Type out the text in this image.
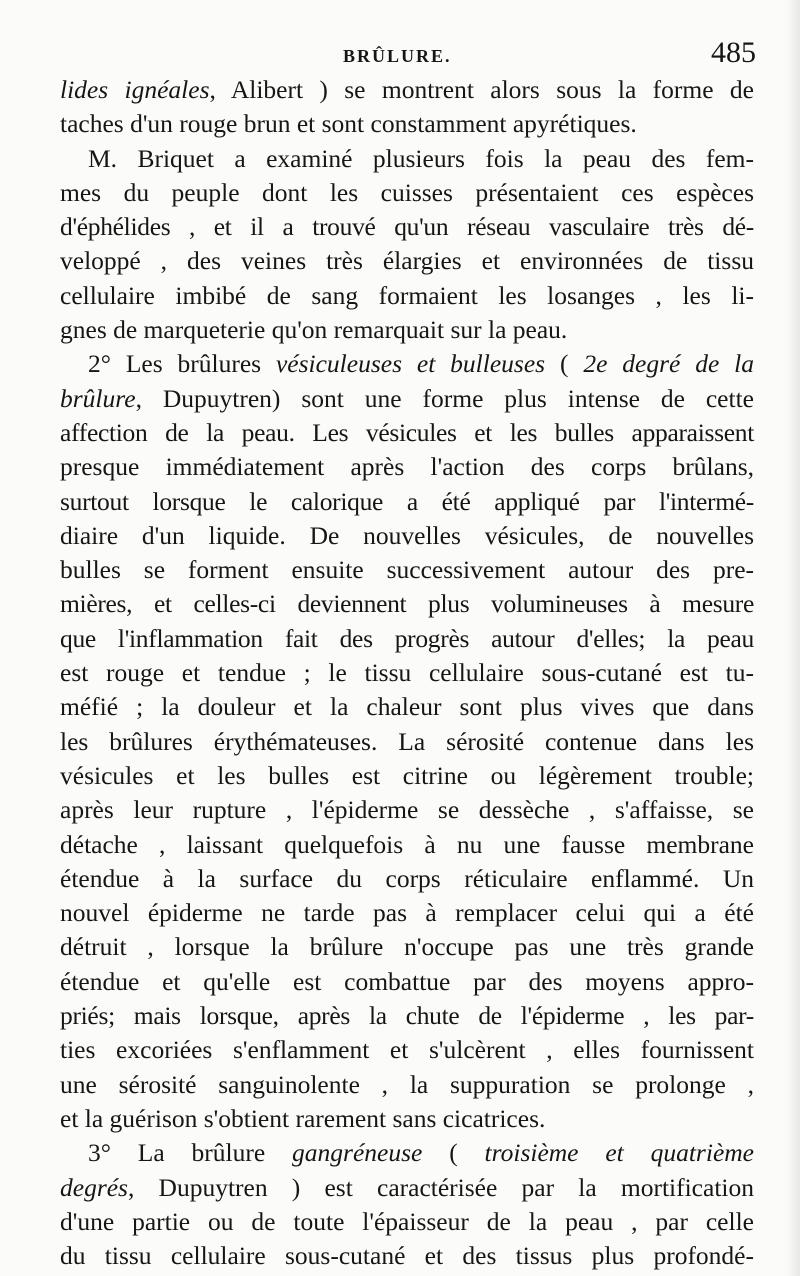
BRÛLURE.	485
lides ignéales, Alibert ) se montrent alors sous la forme de
taches d'un rouge brun et sont constamment apyrétiques.
M. Briquet a examiné plusieurs fois la peau des fem-
mes du peuple dont les cuisses présentaient ces espèces
d'éphélides , et il a trouvé qu'un réseau vasculaire très dé-
veloppé , des veines très élargies et environnées de tissu
cellulaire imbibé de sang formaient les losanges , les li-
gnes de marqueterie qu'on remarquait sur la peau.
2° Les brûlures vésiculeuses et bulleuses ( 2e degré de la
brûlure, Dupuytren) sont une forme plus intense de cette
affection de la peau. Les vésicules et les bulles apparaissent
presque immédiatement après l'action des corps brûlans,
surtout lorsque le calorique a été appliqué par l'intermé-
diaire d'un liquide. De nouvelles vésicules, de nouvelles
bulles se forment ensuite successivement autour des pre-
mières, et celles-ci deviennent plus volumineuses à mesure
que l'inflammation fait des progrès autour d'elles; la peau
est rouge et tendue ; le tissu cellulaire sous-cutané est tu-
méfié ; la douleur et la chaleur sont plus vives que dans
les brûlures érythémateuses. La sérosité contenue dans les
vésicules et les bulles est citrine ou légèrement trouble;
après leur rupture , l'épiderme se dessèche , s'affaisse, se
détache , laissant quelquefois à nu une fausse membrane
étendue à la surface du corps réticulaire enflammé. Un
nouvel épiderme ne tarde pas à remplacer celui qui a été
détruit , lorsque la brûlure n'occupe pas une très grande
étendue et qu'elle est combattue par des moyens appro-
priés; mais lorsque, après la chute de l'épiderme , les par-
ties excoriées s'enflamment et s'ulcèrent , elles fournissent
une sérosité sanguinolente , la suppuration se prolonge ,
et la guérison s'obtient rarement sans cicatrices.
3° La brûlure gangréneuse ( troisième et quatrième
degrés, Dupuytren ) est caractérisée par la mortification
d'une partie ou de toute l'épaisseur de la peau , par celle
du tissu cellulaire sous-cutané et des tissus plus profondé-
